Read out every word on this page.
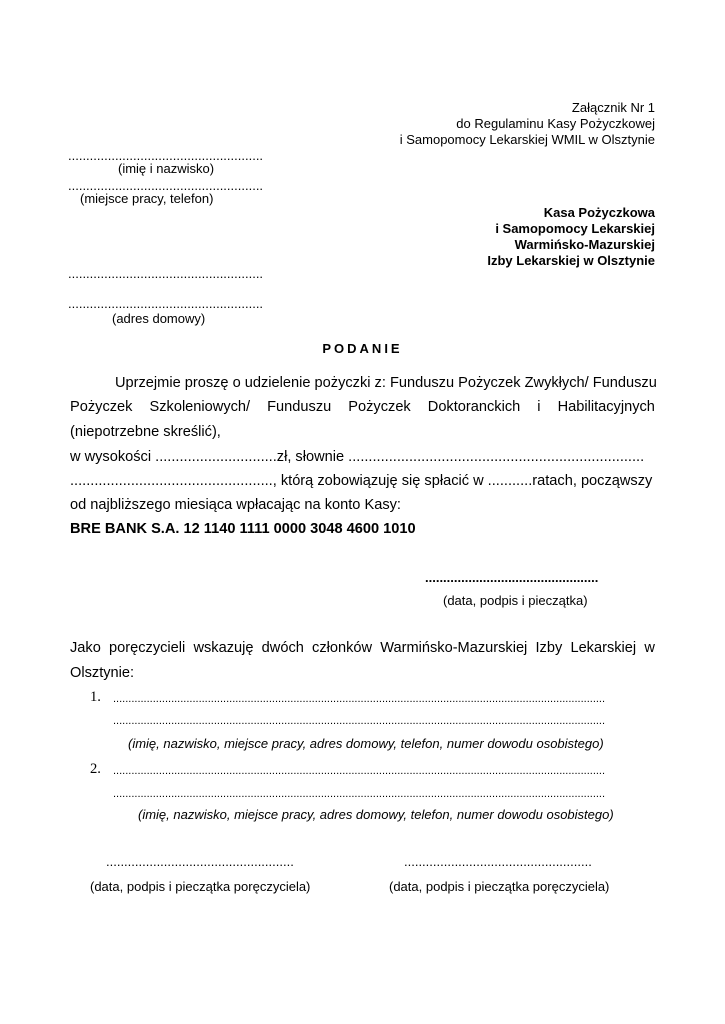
Załącznik Nr 1
do Regulaminu Kasy Pożyczkowej
i Samopomocy Lekarskiej WMIL w Olsztynie
......................................................
(imię i nazwisko)
......................................................
(miejsce pracy, telefon)
Kasa Pożyczkowa
i Samopomocy Lekarskiej
Warmińsko-Mazurskiej
Izby Lekarskiej w Olsztynie
......................................................
......................................................
(adres domowy)
PODANIE
Uprzejmie proszę o udzielenie pożyczki z: Funduszu Pożyczek Zwykłych/ Funduszu
Pożyczek Szkoleniowych/ Funduszu Pożyczek Doktoranckich i Habilitacyjnych
(niepotrzebne skreślić),
w wysokości ..............................zł, słownie .........................................................................
.................................................., którą zobowiązuję się spłacić w ...........ratach, począwszy
od najbliższego miesiąca wpłacając na konto Kasy:
BRE BANK S.A. 12 1140 1111 0000 3048 4600 1010
................................................
(data, podpis i pieczątka)
Jako poręczycieli wskazuję dwóch członków Warmińsko-Mazurskiej Izby Lekarskiej w
Olsztynie:
1. .................................................................................................................................................................
.................................................................................................................................................................
(imię, nazwisko, miejsce pracy, adres domowy, telefon, numer dowodu osobistego)
2. .................................................................................................................................................................
.................................................................................................................................................................
(imię, nazwisko, miejsce pracy, adres domowy, telefon, numer dowodu osobistego)
....................................................
(data, podpis i pieczątka poręczyciela)
....................................................
(data, podpis i pieczątka poręczyciela)
